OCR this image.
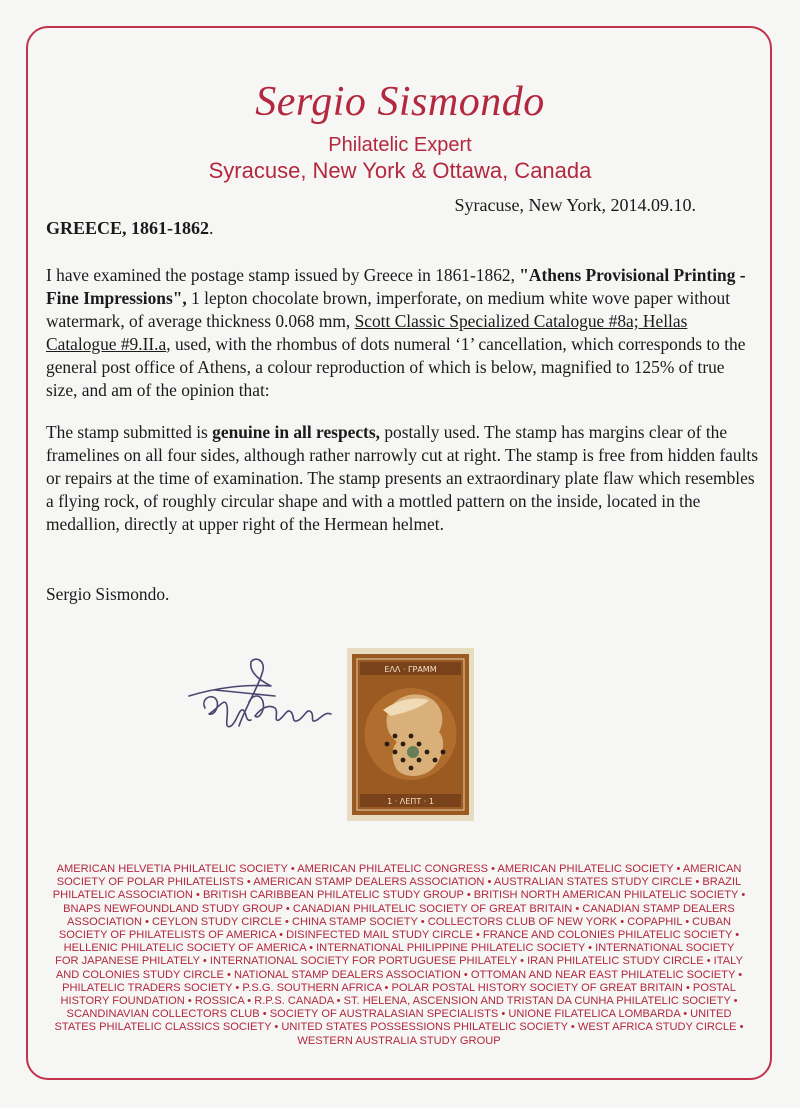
Sergio Sismondo
Philatelic Expert
Syracuse, New York & Ottawa, Canada
Syracuse, New York, 2014.09.10.
GREECE, 1861-1862.
I have examined the postage stamp issued by Greece in 1861-1862, "Athens Provisional Printing - Fine Impressions", 1 lepton chocolate brown, imperforate, on medium white wove paper without watermark, of average thickness 0.068 mm, Scott Classic Specialized Catalogue #8a; Hellas Catalogue #9.II.a, used, with the rhombus of dots numeral ‘1’ cancellation, which corresponds to the general post office of Athens, a colour reproduction of which is below, magnified to 125% of true size, and am of the opinion that:
The stamp submitted is genuine in all respects, postally used. The stamp has margins clear of the framelines on all four sides, although rather narrowly cut at right. The stamp is free from hidden faults or repairs at the time of examination. The stamp presents an extraordinary plate flaw which resembles a flying rock, of roughly circular shape and with a mottled pattern on the inside, located in the medallion, directly at upper right of the Hermean helmet.
Sergio Sismondo.
ΕΛΛ · ΓΡΑΜΜ
1 · ΛΕΠΤ · 1
AMERICAN HELVETIA PHILATELIC SOCIETY • AMERICAN PHILATELIC CONGRESS • AMERICAN PHILATELIC SOCIETY • AMERICAN SOCIETY OF POLAR PHILATELISTS • AMERICAN STAMP DEALERS ASSOCIATION • AUSTRALIAN STATES STUDY CIRCLE • BRAZIL PHILATELIC ASSOCIATION • BRITISH CARIBBEAN PHILATELIC STUDY GROUP • BRITISH NORTH AMERICAN PHILATELIC SOCIETY • BNAPS NEWFOUNDLAND STUDY GROUP • CANADIAN PHILATELIC SOCIETY OF GREAT BRITAIN • CANADIAN STAMP DEALERS ASSOCIATION • CEYLON STUDY CIRCLE • CHINA STAMP SOCIETY • COLLECTORS CLUB OF NEW YORK • COPAPHIL • CUBAN SOCIETY OF PHILATELISTS OF AMERICA • DISINFECTED MAIL STUDY CIRCLE • FRANCE AND COLONIES PHILATELIC SOCIETY • HELLENIC PHILATELIC SOCIETY OF AMERICA • INTERNATIONAL PHILIPPINE PHILATELIC SOCIETY • INTERNATIONAL SOCIETY FOR JAPANESE PHILATELY • INTERNATIONAL SOCIETY FOR PORTUGUESE PHILATELY • IRAN PHILATELIC STUDY CIRCLE • ITALY AND COLONIES STUDY CIRCLE • NATIONAL STAMP DEALERS ASSOCIATION • OTTOMAN AND NEAR EAST PHILATELIC SOCIETY • PHILATELIC TRADERS SOCIETY • P.S.G. SOUTHERN AFRICA • POLAR POSTAL HISTORY SOCIETY OF GREAT BRITAIN • POSTAL HISTORY FOUNDATION • ROSSICA • R.P.S. CANADA • ST. HELENA, ASCENSION AND TRISTAN DA CUNHA PHILATELIC SOCIETY • SCANDINAVIAN COLLECTORS CLUB • SOCIETY OF AUSTRALASIAN SPECIALISTS • UNIONE FILATELICA LOMBARDA • UNITED STATES PHILATELIC CLASSICS SOCIETY • UNITED STATES POSSESSIONS PHILATELIC SOCIETY • WEST AFRICA STUDY CIRCLE • WESTERN AUSTRALIA STUDY GROUP
